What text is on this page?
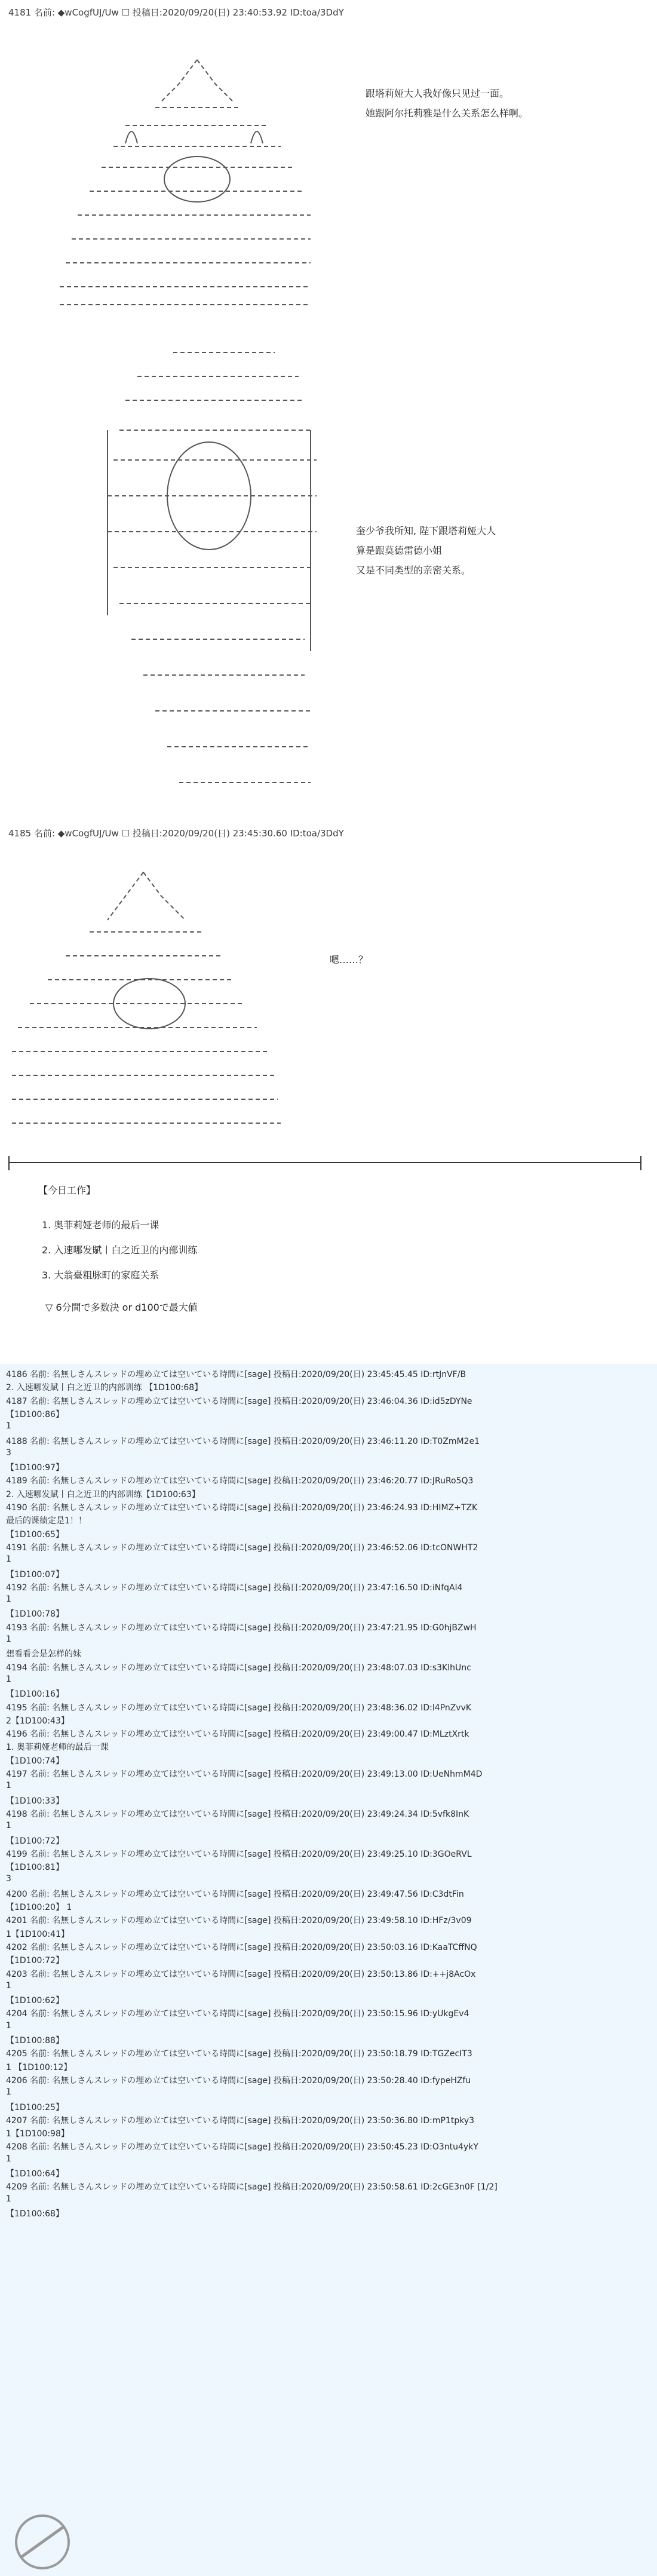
4181 名前: ◆wCogfUJ/Uw ☐ 投稿日:2020/09/20(日) 23:40:53.92 ID:toa/3DdY
跟塔莉娅大人我好像只见过一面。
她跟阿尔托莉雅是什么关系怎么样啊。
奎少爷我所知, 陛下跟塔莉娅大人
算是跟莫德雷德小姐
又是不同类型的亲密关系。
4185 名前: ◆wCogfUJ/Uw ☐ 投稿日:2020/09/20(日) 23:45:30.60 ID:toa/3DdY
嗯……？
【今日工作】
1. 奥菲莉娅老师的最后一课
2. 入速哪发賦丨白之近卫的内部训练
3. 大翁臺粗脉町的家庭关系
▽ 6分間で多数決 or d100で最大値
4186 名前: 名無しさんスレッドの埋め立ては空いている時間に[sage] 投稿日:2020/09/20(日) 23:45:45.45 ID:rtJnVF/B
2. 入速哪发賦丨白之近卫的内部训练 【1D100:68】
4187 名前: 名無しさんスレッドの埋め立ては空いている時間に[sage] 投稿日:2020/09/20(日) 23:46:04.36 ID:id5zDYNe
【1D100:86】
1
4188 名前: 名無しさんスレッドの埋め立ては空いている時間に[sage] 投稿日:2020/09/20(日) 23:46:11.20 ID:T0ZmM2e1
3
【1D100:97】
4189 名前: 名無しさんスレッドの埋め立ては空いている時間に[sage] 投稿日:2020/09/20(日) 23:46:20.77 ID:JRuRo5Q3
2. 入速哪发賦丨白之近卫的内部训练【1D100:63】
4190 名前: 名無しさんスレッドの埋め立ては空いている時間に[sage] 投稿日:2020/09/20(日) 23:46:24.93 ID:HIMZ+TZK
最后的课绩定是1！！
【1D100:65】
4191 名前: 名無しさんスレッドの埋め立ては空いている時間に[sage] 投稿日:2020/09/20(日) 23:46:52.06 ID:tcONWHT2
1
【1D100:07】
4192 名前: 名無しさんスレッドの埋め立ては空いている時間に[sage] 投稿日:2020/09/20(日) 23:47:16.50 ID:iNfqAl4
1
【1D100:78】
4193 名前: 名無しさんスレッドの埋め立ては空いている時間に[sage] 投稿日:2020/09/20(日) 23:47:21.95 ID:G0hjBZwH
1
想看看会是怎样的妹
4194 名前: 名無しさんスレッドの埋め立ては空いている時間に[sage] 投稿日:2020/09/20(日) 23:48:07.03 ID:s3KlhUnc
1
【1D100:16】
4195 名前: 名無しさんスレッドの埋め立ては空いている時間に[sage] 投稿日:2020/09/20(日) 23:48:36.02 ID:l4PnZvvK
2【1D100:43】
4196 名前: 名無しさんスレッドの埋め立ては空いている時間に[sage] 投稿日:2020/09/20(日) 23:49:00.47 ID:MLztXrtk
1. 奥菲莉娅老师的最后一课
【1D100:74】
4197 名前: 名無しさんスレッドの埋め立ては空いている時間に[sage] 投稿日:2020/09/20(日) 23:49:13.00 ID:UeNhmM4D
1
【1D100:33】
4198 名前: 名無しさんスレッドの埋め立ては空いている時間に[sage] 投稿日:2020/09/20(日) 23:49:24.34 ID:5vfk8InK
1
【1D100:72】
4199 名前: 名無しさんスレッドの埋め立ては空いている時間に[sage] 投稿日:2020/09/20(日) 23:49:25.10 ID:3GOeRVL
【1D100:81】
3
4200 名前: 名無しさんスレッドの埋め立ては空いている時間に[sage] 投稿日:2020/09/20(日) 23:49:47.56 ID:C3dtFin
【1D100:20】 1
4201 名前: 名無しさんスレッドの埋め立ては空いている時間に[sage] 投稿日:2020/09/20(日) 23:49:58.10 ID:HFz/3v09
1【1D100:41】
4202 名前: 名無しさんスレッドの埋め立ては空いている時間に[sage] 投稿日:2020/09/20(日) 23:50:03.16 ID:KaaTCffNQ
【1D100:72】
4203 名前: 名無しさんスレッドの埋め立ては空いている時間に[sage] 投稿日:2020/09/20(日) 23:50:13.86 ID:++j8AcOx
1
【1D100:62】
4204 名前: 名無しさんスレッドの埋め立ては空いている時間に[sage] 投稿日:2020/09/20(日) 23:50:15.96 ID:yUkgEv4
1
【1D100:88】
4205 名前: 名無しさんスレッドの埋め立ては空いている時間に[sage] 投稿日:2020/09/20(日) 23:50:18.79 ID:TGZecIT3
1 【1D100:12】
4206 名前: 名無しさんスレッドの埋め立ては空いている時間に[sage] 投稿日:2020/09/20(日) 23:50:28.40 ID:fypeHZfu
1
【1D100:25】
4207 名前: 名無しさんスレッドの埋め立ては空いている時間に[sage] 投稿日:2020/09/20(日) 23:50:36.80 ID:mP1tpky3
1【1D100:98】
4208 名前: 名無しさんスレッドの埋め立ては空いている時間に[sage] 投稿日:2020/09/20(日) 23:50:45.23 ID:O3ntu4ykY
1
【1D100:64】
4209 名前: 名無しさんスレッドの埋め立ては空いている時間に[sage] 投稿日:2020/09/20(日) 23:50:58.61 ID:2cGE3n0F [1/2]
1
【1D100:68】
